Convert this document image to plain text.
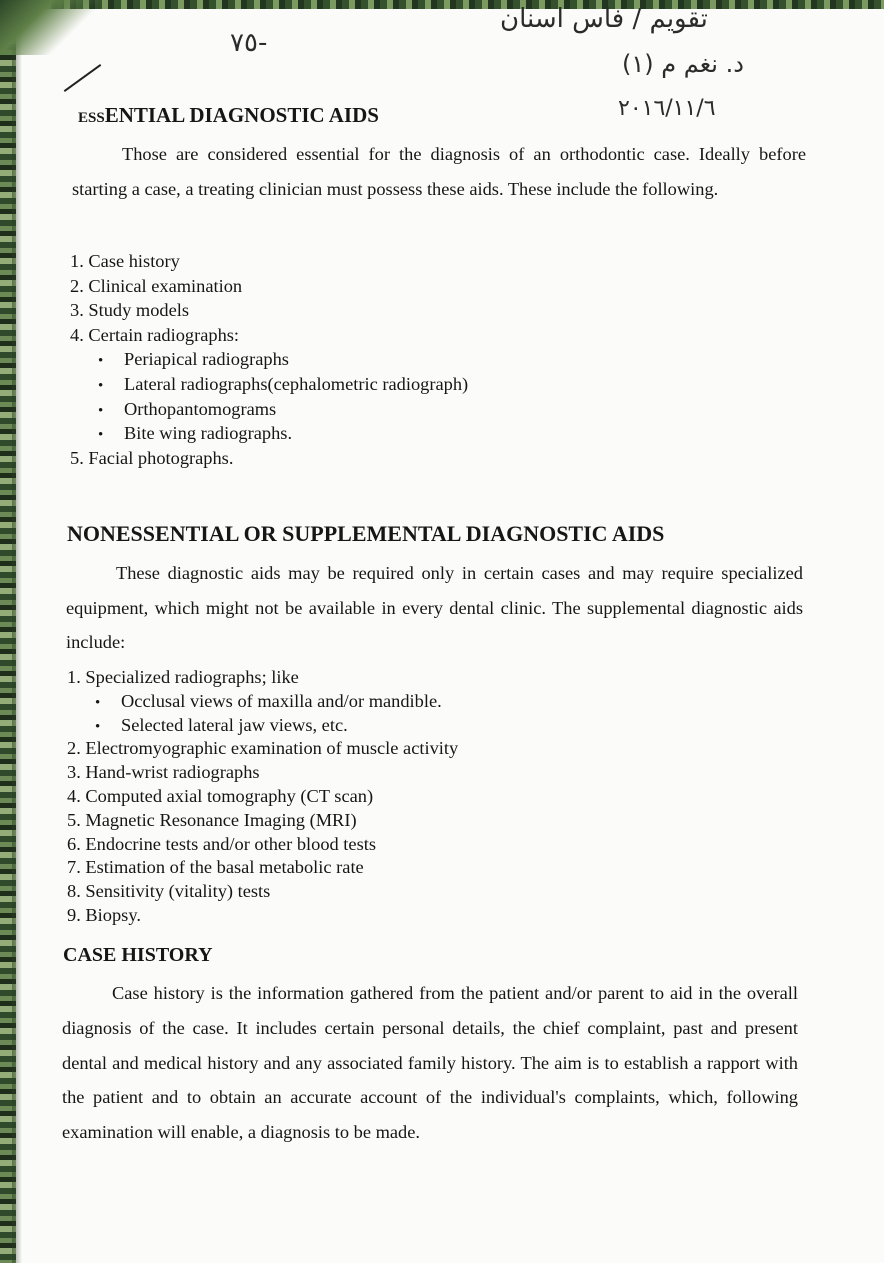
٧٥-
تقويم / فاس اسنان
د. نغم م (١)
٢٠١٦/١١/٦
ESSENTIAL DIAGNOSTIC AIDS
Those are considered essential for the diagnosis of an orthodontic case. Ideally before starting a case, a treating clinician must possess these aids. These include the following.
1. Case history
2. Clinical examination
3. Study models
4. Certain radiographs:
• Periapical radiographs
• Lateral radiographs(cephalometric radiograph)
• Orthopantomograms
• Bite wing radiographs.
5. Facial photographs.
NONESSENTIAL OR SUPPLEMENTAL DIAGNOSTIC AIDS
These diagnostic aids may be required only in certain cases and may require specialized equipment, which might not be available in every dental clinic. The supplemental diagnostic aids include:
1. Specialized radiographs; like
• Occlusal views of maxilla and/or mandible.
• Selected lateral jaw views, etc.
2. Electromyographic examination of muscle activity
3. Hand-wrist radiographs
4. Computed axial tomography (CT scan)
5. Magnetic Resonance Imaging (MRI)
6. Endocrine tests and/or other blood tests
7. Estimation of the basal metabolic rate
8. Sensitivity (vitality) tests
9. Biopsy.
CASE HISTORY
Case history is the information gathered from the patient and/or parent to aid in the overall diagnosis of the case. It includes certain personal details, the chief complaint, past and present dental and medical history and any associated family history. The aim is to establish a rapport with the patient and to obtain an accurate account of the individual's complaints, which, following examination will enable, a diagnosis to be made.
